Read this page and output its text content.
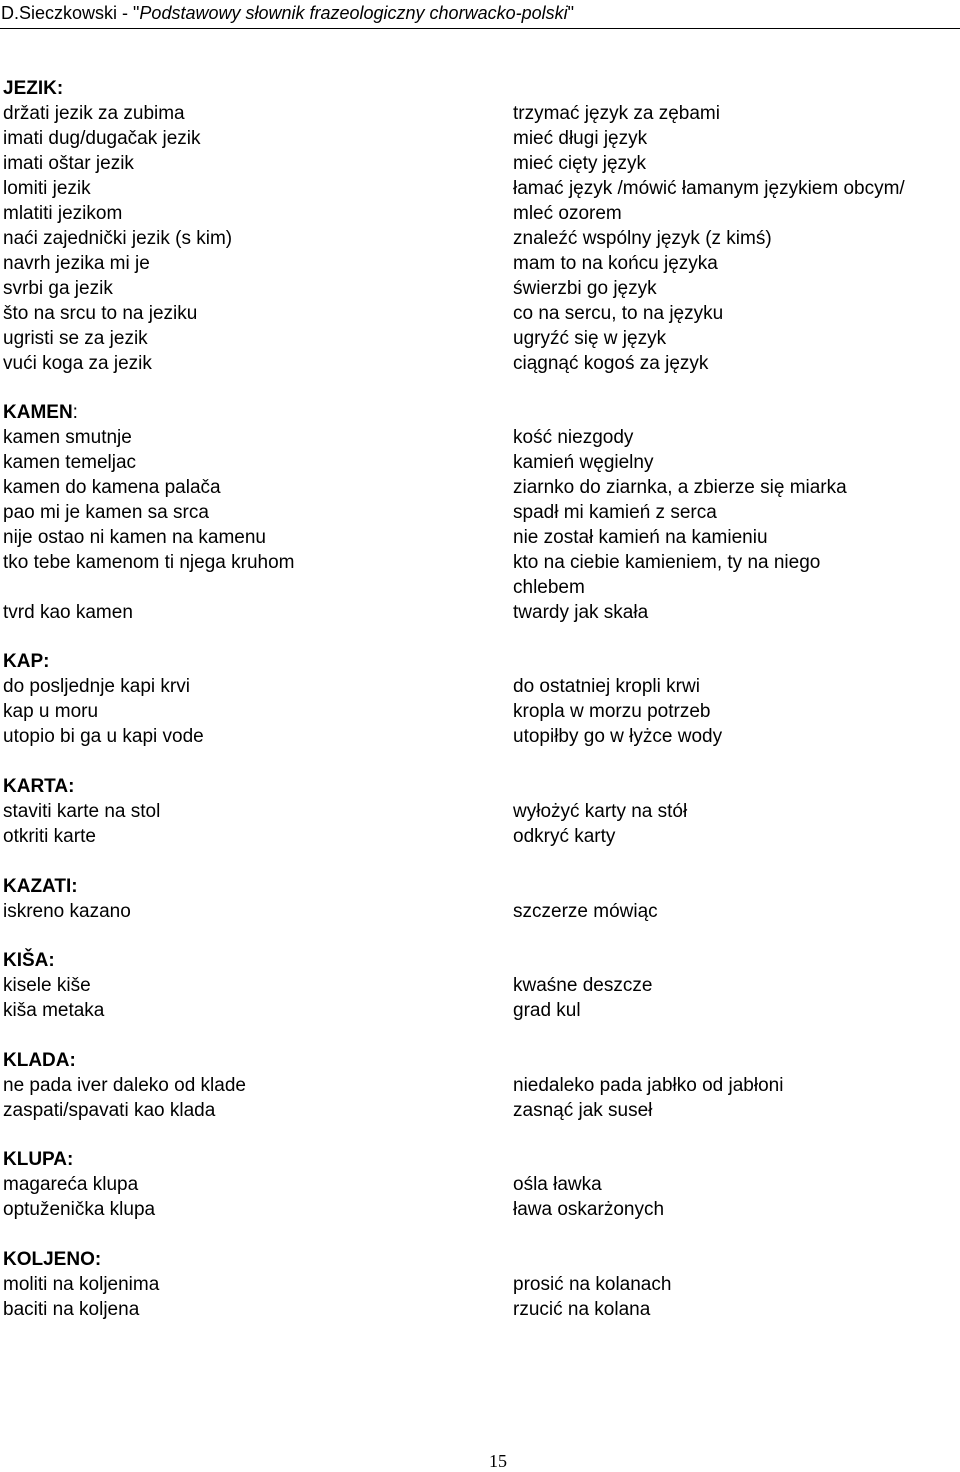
D.Sieczkowski - "Podstawowy słownik frazeologiczny chorwacko-polski"
JEZIK:
držati jezik za zubima	trzymać język za zębami
imati dug/dugačak jezik	mieć długi język
imati oštar jezik	mieć cięty język
lomiti jezik	łamać język /mówić łamanym językiem obcym/
mlatiti jezikom	mleć ozorem
naći zajednički jezik (s kim)	znaleźć wspólny język (z kimś)
navrh jezika mi je	mam to na końcu języka
svrbi ga jezik	świerzbi go język
što na srcu to na jeziku	co na sercu, to na języku
ugristi se za jezik	ugryźć się w język
vući koga za jezik	ciągnąć kogoś za język
KAMEN:
kamen smutnje	kość niezgody
kamen temeljac	kamień węgielny
kamen do kamena palača	ziarnko do ziarnka, a zbierze się miarka
pao mi je kamen sa srca	spadł mi kamień z serca
nije ostao ni kamen na kamenu	nie został kamień na kamieniu
tko tebe kamenom ti njega kruhom	kto na ciebie kamieniem, ty na niego
chlebem
tvrd kao kamen	twardy jak skała
KAP:
do posljednje kapi krvi	do ostatniej kropli krwi
kap u moru	kropla w morzu potrzeb
utopio bi ga u kapi vode	utopiłby go w łyżce wody
KARTA:
staviti karte na stol	wyłożyć karty na stół
otkriti karte	odkryć karty
KAZATI:
iskreno kazano	szczerze mówiąc
KIŠA:
kisele kiše	kwaśne deszcze
kiša metaka	grad kul
KLADA:
ne pada iver daleko od klade	niedaleko pada jabłko od jabłoni
zaspati/spavati kao klada	zasnąć jak suseł
KLUPA:
magareća klupa	ośla ławka
optuženička klupa	ława oskarżonych
KOLJENO:
moliti na koljenima	prosić na kolanach
baciti na koljena	rzucić na kolana
15
